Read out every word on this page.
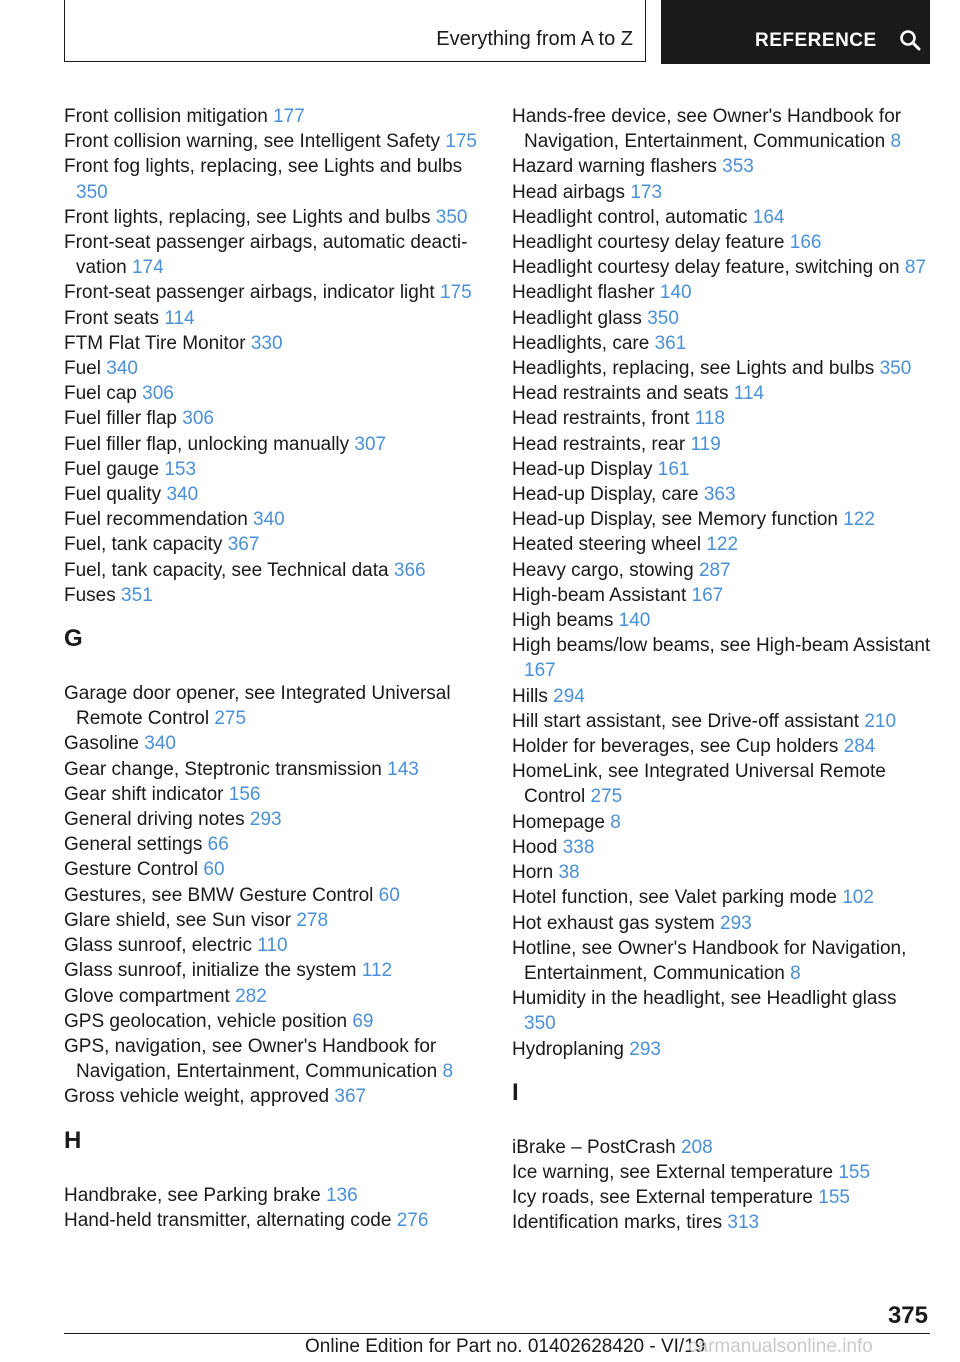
Everything from A to Z	REFERENCE
Front collision mitigation 177
Front collision warning, see Intelligent Safety 175
Front fog lights, replacing, see Lights and bulbs 350
Front lights, replacing, see Lights and bulbs 350
Front-seat passenger airbags, automatic deactivation 174
Front-seat passenger airbags, indicator light 175
Front seats 114
FTM Flat Tire Monitor 330
Fuel 340
Fuel cap 306
Fuel filler flap 306
Fuel filler flap, unlocking manually 307
Fuel gauge 153
Fuel quality 340
Fuel recommendation 340
Fuel, tank capacity 367
Fuel, tank capacity, see Technical data 366
Fuses 351
G
Garage door opener, see Integrated Universal Remote Control 275
Gasoline 340
Gear change, Steptronic transmission 143
Gear shift indicator 156
General driving notes 293
General settings 66
Gesture Control 60
Gestures, see BMW Gesture Control 60
Glare shield, see Sun visor 278
Glass sunroof, electric 110
Glass sunroof, initialize the system 112
Glove compartment 282
GPS geolocation, vehicle position 69
GPS, navigation, see Owner's Handbook for Navigation, Entertainment, Communication 8
Gross vehicle weight, approved 367
H
Handbrake, see Parking brake 136
Hand-held transmitter, alternating code 276
Hands-free device, see Owner's Handbook for Navigation, Entertainment, Communication 8
Hazard warning flashers 353
Head airbags 173
Headlight control, automatic 164
Headlight courtesy delay feature 166
Headlight courtesy delay feature, switching on 87
Headlight flasher 140
Headlight glass 350
Headlights, care 361
Headlights, replacing, see Lights and bulbs 350
Head restraints and seats 114
Head restraints, front 118
Head restraints, rear 119
Head-up Display 161
Head-up Display, care 363
Head-up Display, see Memory function 122
Heated steering wheel 122
Heavy cargo, stowing 287
High-beam Assistant 167
High beams 140
High beams/low beams, see High-beam Assistant 167
Hills 294
Hill start assistant, see Drive-off assistant 210
Holder for beverages, see Cup holders 284
HomeLink, see Integrated Universal Remote Control 275
Homepage 8
Hood 338
Horn 38
Hotel function, see Valet parking mode 102
Hot exhaust gas system 293
Hotline, see Owner's Handbook for Navigation, Entertainment, Communication 8
Humidity in the headlight, see Headlight glass 350
Hydroplaning 293
I
iBrake – PostCrash 208
Ice warning, see External temperature 155
Icy roads, see External temperature 155
Identification marks, tires 313
375
Online Edition for Part no. 01402628420 - VI/19
carmanualsonline.info
